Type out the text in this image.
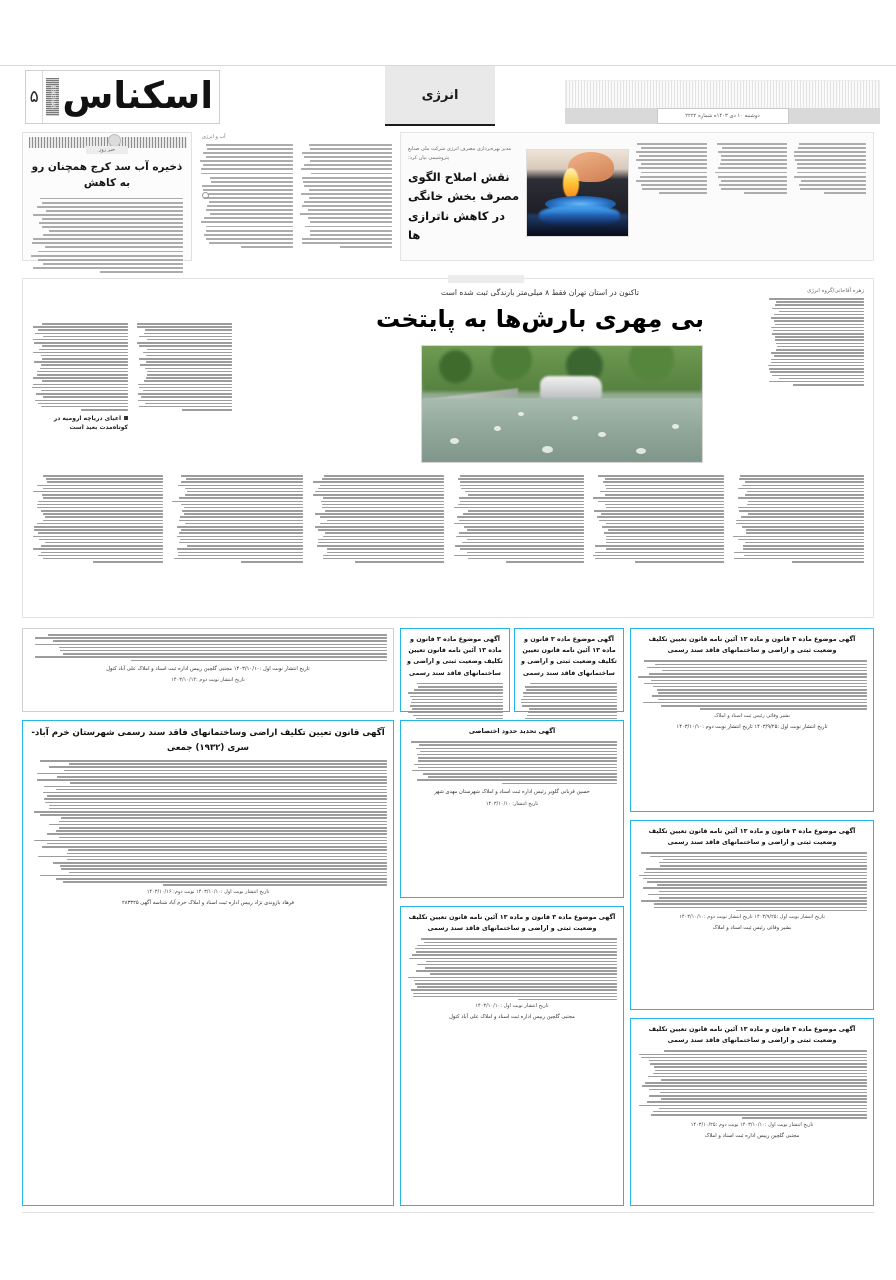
انرژی
۵	ESKENAS اسکناس	دوشنبه ۱۰ دی ۱۴۰۳ه شماره ۲۲۲۲
خبر روز
ذخیره آب سد کرج همچنان رو به کاهش
آب و انرژی
مدیر بهره‌برداری مصرف انرژی شرکت ملی صنایع پتروشیمی بیان کرد:
نقش اصلاح الگوی مصرف بخش خانگی در کاهش ناترازی ها
زهره آقاجانی/گروه انرژی
تاکنون در استان تهران فقط ۸ میلی‌متر بارندگی ثبت شده است
بی مِهری بارش‌ها به پایتخت
اعیای دریاچه ارومیه در کوتاه‌مدت بعید است
تاریخ انتشار نوبت اول :۱۴۰۳/۱۰/۱۰ مجتبی گلچین رییس اداره ثبت اسناد و املاک علی آباد کتول
تاریخ انتشار نوبت دوم :۱۴۰۳/۱۰/۱۴
آگهی موضوع ماده ۳ قانون و ماده ۱۳ آئین نامه قانون تعیین تکلیف وضعیت ثبتی و اراضی و ساختمانهای فاقد سند رسمی
آگهی موضوع ماده ۳ قانون و ماده ۱۳ آئین نامه قانون تعیین تکلیف وضعیت ثبتی و اراضی و ساختمانهای فاقد سند رسمی
آگهی موضوع ماده ۳ قانون و ماده ۱۳ آئین نامه قانون تعیین تکلیف وضعیت ثبتی و اراضی و ساختمانهای فاقد سند رسمی
بشیر وفائی رئیس ثبت اسناد و املاک
تاریخ انتشار نوبت اول :۱۴۰۳/۹/۲۵ تاریخ انتشار نوبت دوم :۱۴۰۳/۱۰/۱۰
آگهی قانون تعیین تکلیف اراضی وساختمانهای فاقد سند رسمی شهرستان خرم آباد-سری (۱۹۳۲) جمعی
تاریخ انتشار نوبت اول :۱۴۰۳/۱۰/۱۰ نوبت دوم: ۱۴۰۳/۱۰/۱۶
فرهاد بازوندی نژاد رییس اداره ثبت اسناد و املاک خرم آباد شناسه آگهی ۲۸۳۳۲۵
آگهی تحدید حدود اختصاصی
حسین قربانی گلوبر رئیس اداره ثبت اسناد و املاک شهرستان مهدی شهر
تاریخ انتشار: ۱۴۰۳/۱۰/۱۰
آگهی موضوع ماده ۳ قانون و ماده ۱۳ آئین نامه قانون تعیین تکلیف وضعیت ثبتی و اراضی و ساختمانهای فاقد سند رسمی
تاریخ انتشار نوبت اول :۱۴۰۳/۹/۲۵ تاریخ انتشار نوبت دوم :۱۴۰۳/۱۰/۱۰
بشیر وفائی رئیس ثبت اسناد و املاک
آگهی موضوع ماده ۳ قانون و ماده ۱۳ آئین نامه قانون تعیین تکلیف وضعیت ثبتی و اراضی و ساختمانهای فاقد سند رسمی
تاریخ انتشار نوبت اول :۱۴۰۳/۱۰/۱۰
مجتبی گلچین رییس اداره ثبت اسناد و املاک علی آباد کتول
آگهی موضوع ماده ۳ قانون و ماده ۱۳ آئین نامه قانون تعیین تکلیف وضعیت ثبتی و اراضی و ساختمانهای فاقد سند رسمی
تاریخ انتشار نوبت اول :۱۴۰۳/۱۰/۱۰ نوبت دوم :۱۴۰۳/۱۰/۲۵
مجتبی گلچین رییس اداره ثبت اسناد و املاک
